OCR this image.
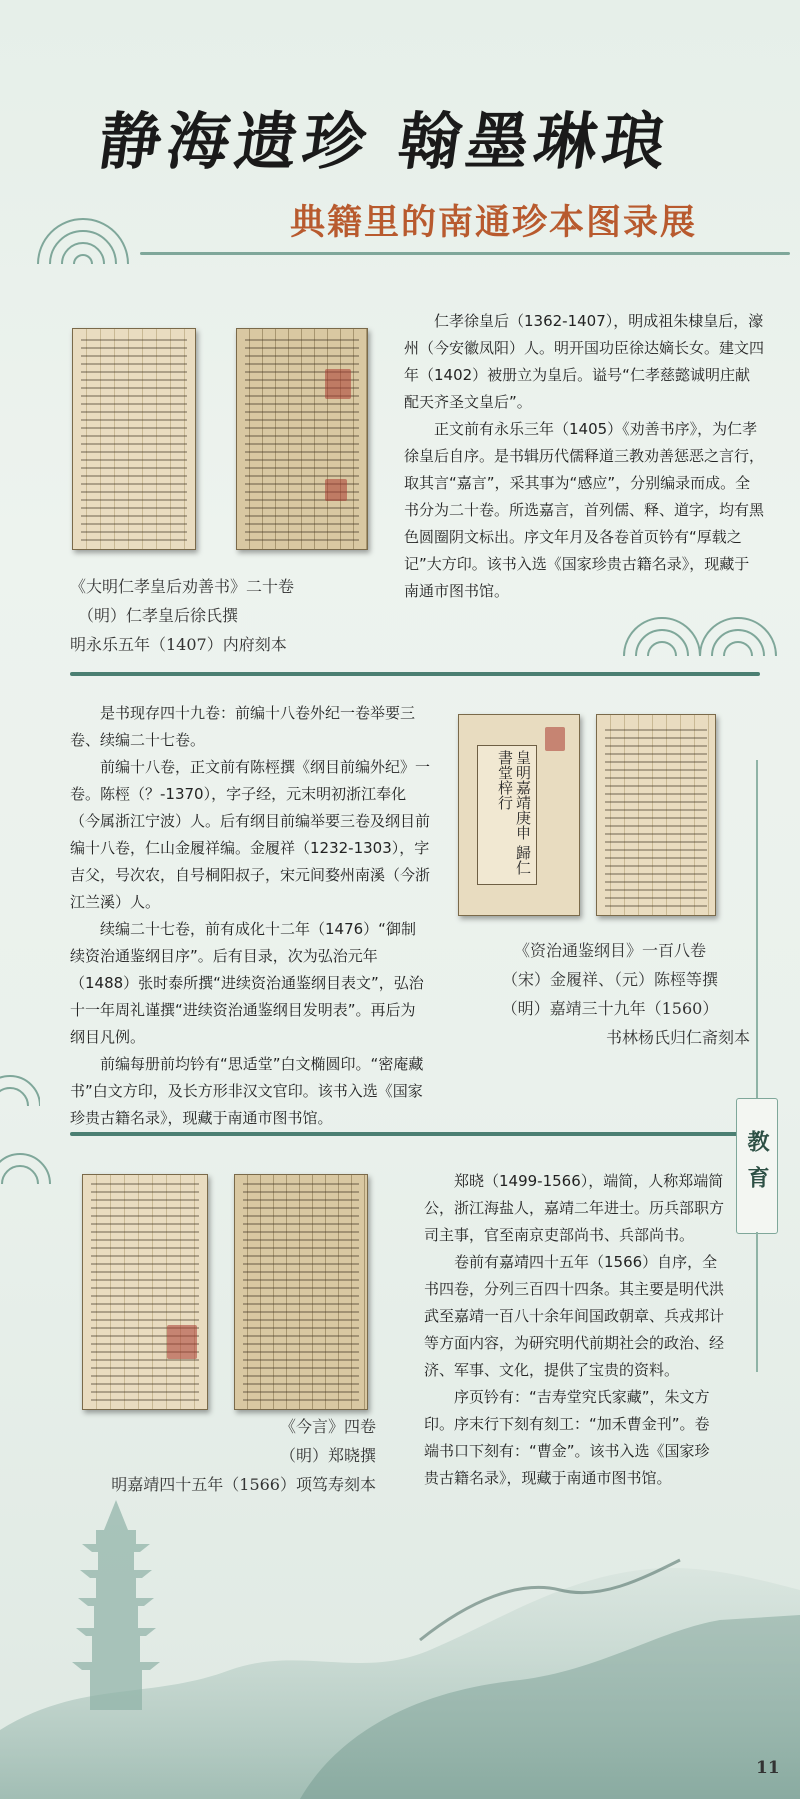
静海遗珍 翰墨琳琅
典籍里的南通珍本图录展
《大明仁孝皇后劝善书》二十卷
（明）仁孝皇后徐氏撰
明永乐五年（1407）内府刻本

仁孝徐皇后（1362-1407），明成祖朱棣皇后，濠州（今安徽凤阳）人。明开国功臣徐达嫡长女。建文四年（1402）被册立为皇后。谥号“仁孝慈懿诚明庄献配天齐圣文皇后”。

正文前有永乐三年（1405）《劝善书序》，为仁孝徐皇后自序。是书辑历代儒释道三教劝善惩恶之言行，取其言“嘉言”，采其事为“感应”，分别编录而成。全书分为二十卷。所选嘉言，首列儒、释、道字，均有黑色圆圈阴文标出。序文年月及各卷首页钤有“厚载之记”大方印。该书入选《国家珍贵古籍名录》，现藏于南通市图书馆。

是书现存四十九卷：前编十八卷外纪一卷举要三卷、续编二十七卷。

前编十八卷，正文前有陈桱撰《纲目前编外纪》一卷。陈桱（？-1370），字子经，元末明初浙江奉化（今属浙江宁波）人。后有纲目前编举要三卷及纲目前编十八卷，仁山金履祥编。金履祥（1232-1303），字吉父，号次农，自号桐阳叔子，宋元间婺州南溪（今浙江兰溪）人。

续编二十七卷，前有成化十二年（1476）“御制续资治通鉴纲目序”。后有目录，次为弘治元年（1488）张时泰所撰“进续资治通鉴纲目表文”，弘治十一年周礼谨撰“进续资治通鉴纲目发明表”。再后为纲目凡例。

前编每册前均钤有“思适堂”白文椭圆印。“密庵藏书”白文方印，及长方形非汉文官印。该书入选《国家珍贵古籍名录》，现藏于南通市图书馆。

皇明嘉靖庚申 歸仁書堂梓行
《资治通鉴纲目》一百八卷
（宋）金履祥、（元）陈桱等撰
（明）嘉靖三十九年（1560）
书林杨氏归仁斋刻本
教育
《今言》四卷
（明）郑晓撰
明嘉靖四十五年（1566）项笃寿刻本

郑晓（1499-1566），端简，人称郑端简公，浙江海盐人，嘉靖二年进士。历兵部职方司主事，官至南京吏部尚书、兵部尚书。

卷前有嘉靖四十五年（1566）自序，全书四卷，分列三百四十四条。其主要是明代洪武至嘉靖一百八十余年间国政朝章、兵戎邦计等方面内容，为研究明代前期社会的政治、经济、军事、文化，提供了宝贵的资料。

序页钤有：“吉寿堂究氏家藏”，朱文方印。序末行下刻有刻工：“加禾曹金刊”。卷端书口下刻有：“曹金”。该书入选《国家珍贵古籍名录》，现藏于南通市图书馆。

11
